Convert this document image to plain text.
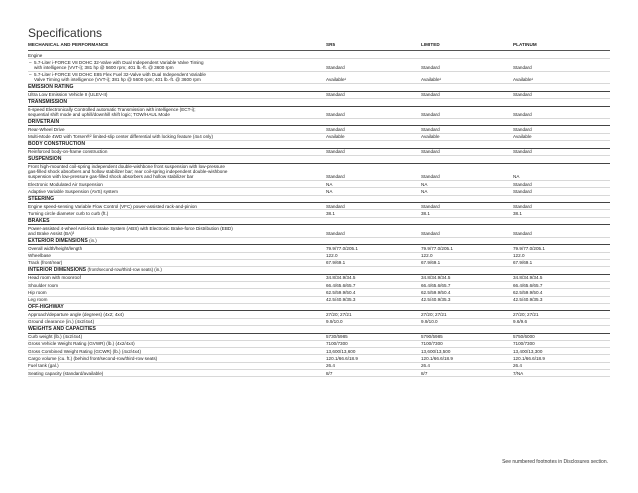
Specifications
MECHANICAL AND PERFORMANCE	SR5	LIMITED	PLATINUM
Engine
5.7-Liter i-FORCE V8 DOHC 32-Valve with Dual Independent Variable Valve Timing
with intelligence (VVT-i); 381 hp @ 5600 rpm; 401 lb.-ft. @ 3600 rpm
–
Standard	Standard	Standard
5.7-Liter i-FORCE V8 DOHC E85 Flex Fuel 32-Valve with Dual Independent Variable
Valve Timing with intelligence (VVT-i); 381 hp @ 5600 rpm; 401 lb.-ft. @ 3600 rpm
–
Available¹	Available¹	Available¹
EMISSION RATING
Ultra Low Emission Vehicle II (ULEV-II)	Standard	Standard	Standard
TRANSMISSION
6-speed Electronically Controlled automatic Transmission with intelligence (ECT-i);
sequential shift mode and uphill/downhill shift logic; TOW/HAUL Mode	Standard	Standard	Standard
DRIVETRAIN
Rear-Wheel Drive	Standard	Standard	Standard
Multi-Mode 4WD with Torsen®² limited-slip center differential with locking feature (4x4 only)	Available	Available	Available
BODY CONSTRUCTION
Reinforced body-on-frame construction	Standard	Standard	Standard
SUSPENSION
Front high-mounted coil-spring independent double-wishbone front suspension with low-pressure
gas-filled shock absorbers and hollow stabilizer bar; rear coil-spring independent double-wishbone
suspension with low-pressure gas-filled shock absorbers and hollow stabilizer bar	Standard	Standard	NA
Electronic Modulated Air Suspension	NA	NA	Standard
Adaptive Variable Suspension (AVS) system	NA	NA	Standard
STEERING
Engine speed-sensing Variable Flow Control (VFC) power-assisted rack-and-pinion	Standard	Standard	Standard
Turning circle diameter curb to curb (ft.)	38.1	38.1	38.1
BRAKES
Power-assisted 4-wheel Anti-lock Brake System (ABS) with Electronic Brake-force Distribution (EBD)
and Brake Assist (BA)³	Standard	Standard	Standard
EXTERIOR DIMENSIONS (in.)
Overall width/height/length	79.9/77.0/205.1	79.9/77.0/205.1	79.9/77.0/205.1
Wheelbase	122.0	122.0	122.0
Track (front/rear)	67.9/69.1	67.9/69.1	67.9/69.1
INTERIOR DIMENSIONS (front/second-row/third-row seats) (in.)
Head room with moonroof	34.8/34.9/34.5	34.8/34.9/34.5	34.8/34.9/34.5
Shoulder room	66.4/65.6/65.7	66.4/65.6/65.7	66.4/65.6/65.7
Hip room	62.5/59.9/50.4	62.5/59.9/50.4	62.5/59.9/50.4
Leg room	42.5/40.9/35.3	42.5/40.9/35.3	42.5/40.9/35.3
OFF-HIGHWAY
Approach/departure angle (degrees) (4x2; 4x4)	27/20; 27/21	27/20; 27/21	27/20; 27/21
Ground clearance (in.) (4x2/4x4)	9.9/10.0	9.9/10.0	9.6/9.6
WEIGHTS AND CAPACITIES
Curb weight (lb.) (4x2/4x4)	5730/5985	5790/5985	5750/6000
Gross Vehicle Weight Rating (GVWR) (lb.) (4x2/4x4)	7100/7300	7100/7300	7100/7300
Gross Combined Weight Rating (GCWR) (lb.) (4x2/4x4)	13,600/13,600	13,600/13,500	13,400/13,300
Cargo volume (cu. ft.) (behind front/second-row/third-row seats)	120.1/66.6/18.9	120.1/66.6/18.9	120.1/66.6/18.9
Fuel tank (gal.)	26.4	26.4	26.4
Seating capacity (standard/available)	8/7	8/7	7/NA
See numbered footnotes in Disclosures section.
